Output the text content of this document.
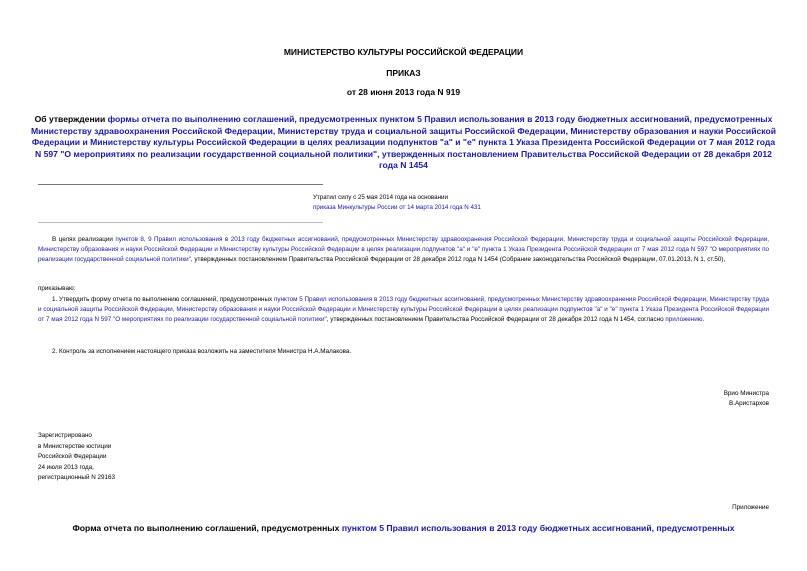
МИНИСТЕРСТВО КУЛЬТУРЫ РОССИЙСКОЙ ФЕДЕРАЦИИ
ПРИКАЗ
от 28 июня 2013 года N 919
Об утверждении формы отчета по выполнению соглашений, предусмотренных пунктом 5 Правил использования в 2013 году бюджетных ассигнований, предусмотренных Министерству здравоохранения Российской Федерации, Министерству труда и социальной защиты Российской Федерации, Министерству образования и науки Российской Федерации и Министерству культуры Российской Федерации в целях реализации подпунктов "а" и "е" пункта 1 Указа Президента Российской Федерации от 7 мая 2012 года N 597 "О мероприятиях по реализации государственной социальной политики", утвержденных постановлением Правительства Российской Федерации от 28 декабря 2012 года N 1454
Утратил силу с 25 мая 2014 года на основании
приказа Минкультуры России от 14 марта 2014 года N 431
В целях реализации пунктов 8, 9 Правил использования в 2013 году бюджетных ассигнований, предусмотренных Министерству здравоохранения Российской Федерации, Министерству труда и социальной защиты Российской Федерации, Министерству образования и науки Российской Федерации и Министерству культуры Российской Федерации в целях реализации подпунктов "а" и "е" пункта 1 Указа Президента Российской Федерации от 7 мая 2012 года N 597 "О мероприятиях по реализации государственной социальной политики", утвержденных постановлением Правительства Российской Федерации от 28 декабря 2012 года N 1454 (Собрание законодательства Российской Федерации, 07.01.2013, N 1, ст.50),
приказываю:
1. Утвердить форму отчета по выполнению соглашений, предусмотренных пунктом 5 Правил использования в 2013 году бюджетных ассигнований, предусмотренных Министерству здравоохранения Российской Федерации, Министерству труда и социальной защиты Российской Федерации, Министерству образования и науки Российской Федерации и Министерству культуры Российской Федерации в целях реализации подпунктов "а" и "е" пункта 1 Указа Президента Российской Федерации от 7 мая 2012 года N 597 "О мероприятиях по реализации государственной социальной политики", утвержденных постановлением Правительства Российской Федерации от 28 декабря 2012 года N 1454, согласно приложению.
2. Контроль за исполнением настоящего приказа возложить на заместителя Министра Н.А.Малакова.
Врио Министра
В.Аристархов
Зарегистрировано
в Министерстве юстиции
Российской Федерации
24 июля 2013 года,
регистрационный N 29163
Приложение
Форма отчета по выполнению соглашений, предусмотренных пунктом 5 Правил использования в 2013 году бюджетных ассигнований, предусмотренных
